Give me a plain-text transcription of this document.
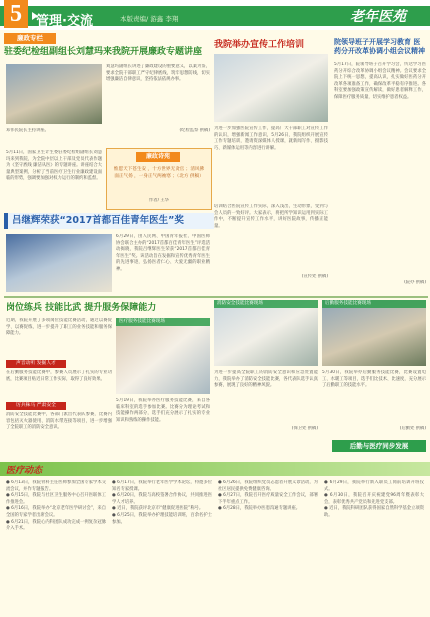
5	管理·交流	本版责编/ 游鑫 李翔	老年医苑
廉政专栏
驻委纪检组副组长刘慧玛来我院开展廉政专题讲座
邓伟民院长主持讲座。
刘慧玛副组长讲述了廉政建设的重要意义，以案为鉴，要求全院干部职工严守纪律底线，筑牢思想防线，切实增强廉洁自律意识，坚持依法依规办事。
5月11日，国家卫生计生委驻委纪检组副组长刘慧玛来到我院，为全院中层以上干部及党员代表作题为《坚守底线 廉洁从医》的专题讲座。讲座结合大量典型案例，分析了当前医疗卫生行业廉政建设面临的形势，强调要加强对权力运行的制约和监督。
(纪检监察 供稿)
廉政诗苑
惟愿天下苍生安 ，十方世界无贪官 ；清风拂面正气扬 ，一身正气两袖寒 ；（北方 供稿）
作者/ 王华
我院举办宣传工作培训
为进一步加强医院宣传工作，提高广大干部职工对宣传工作的认识，增强新闻工作意识，5月26日，我院组织开展宣传工作专题培训，邀请资深媒体人授课，就新闻写作、摄影技巧、新媒体运用等内容进行讲解。
培训结合医院宣传工作实际，深入浅出，生动形象，受到与会人员的一致好评。大家表示，将把所学知识运用到实际工作中，不断提升宣传工作水平，讲好医院故事，传播正能量。
(宣传处 供稿)
院领导班子开展学习教育 医药分开改革协调小组会议精神
5月17日，院领导班子召开学习会，传达学习医药分开综合改革协调小组会议精神。会议要求全院上下统一思想，提高认识，扎实做好医药分开改革各项准备工作，确保改革平稳有序推进。各科室要加强政策宣传解读，做好患者解释工作，保障医疗服务质量，切实维护患者权益。
(院办 供稿)
吕继辉荣获“2017首都百佳青年医生”奖
6月29日，由人民网、中国青年报社、中国医师协会联合主办的“2017首都百佳青年医生”评选活动揭晓，我院吕继辉医生荣获“2017首都百佳青年医生”奖。该活动旨在发掘和宣传优秀青年医生的先进事迹，弘扬医者仁心、大爱无疆的职业精神。
岗位练兵 技能比武 提升服务保障能力
近期，我院开展了多项岗位技能比赛活动，通过以赛促学、以赛促练，进一步提升了职工的业务技能和服务保障能力。
声音动听 发掘人才
在后勤服务技能比赛中，参赛人员展示了扎实的专业功底，比赛项目贴近日常工作实际，取得了良好效果。
厉兵秣马 严肃安全
消防安全技能比赛中，各部门派出代表队参赛，比赛内容包括灭火器使用、消防水带连接等项目，进一步增强了全院职工的消防安全意识。
医疗服务技能比赛现场
5月19日，我院举办医疗服务技能比赛，来自各临床科室的选手参加比赛。比赛分为理论考试和技能操作两部分，选手们充分展示了扎实的专业知识和熟练的操作技能。
消防安全技能比赛现场
为进一步提高全院职工的消防安全意识和应急处置能力，我院举办了消防安全技能比赛，各代表队选手认真参赛，展现了良好的精神风貌。
(保卫处 供稿)
后勤服务技能比赛现场
5月30日，我院举办后勤服务技能比赛，比赛设置电工、水暖工等项目，选手们比技术、比速度，充分展示了后勤职工的技能水平。
(后勤处 供稿)
后勤与医疗同步发展
医疗动态
● 6月13日，我院骨科主任医师参加全国专家学术交流会议，并作专题报告。
● 6月15日，我院与社区卫生服务中心召开医联体工作推进会。
● 6月16日，我院举办“北京老年医学研讨会”，来自全国的专家学者出席会议。
● 6月21日，我院心内科团队成功完成一例复杂冠脉介入手术。
● 6月17日，我院举行老年医学学术论坛，特邀多位知名专家授课。
● 6月20日，我院与高校签署合作协议，共同推进医学人才培养。
● 近日，我院获评北京市“健康促进医院”称号。
● 6月25日，我院举办护理技能培训班，百余名护士参加。
● 6月26日，我院组织党员志愿者开展义诊活动，为社区居民提供免费健康咨询。
● 6月27日，我院召开医疗质量安全工作会议，部署下半年重点工作。
● 6月28日，我院举办医患沟通专题讲座。
● 6月29日，我院举行新入职员工岗前培训开班仪式。
● 6月30日，我院召开庆祝建党96周年暨表彰大会，表彰优秀共产党员和先进党支部。
● 近日，我院科研团队获得国家自然科学基金立项资助。
